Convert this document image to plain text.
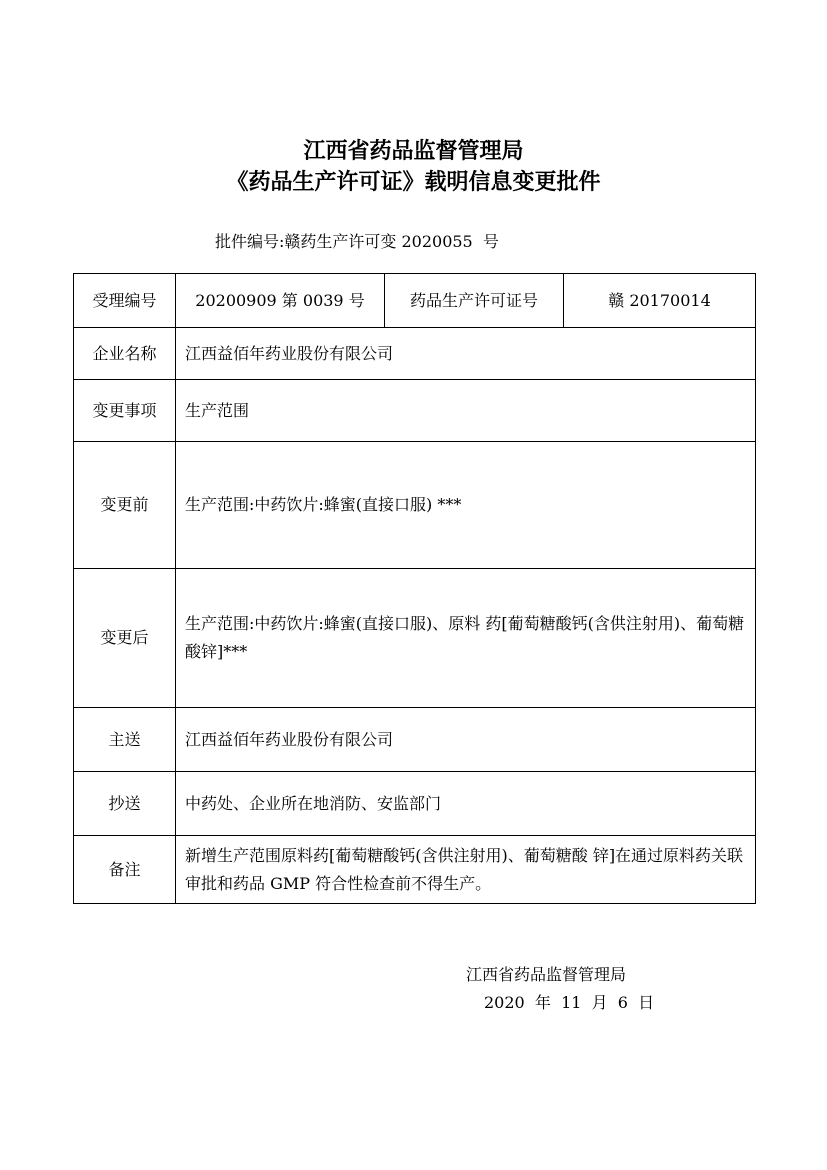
江西省药品监督管理局
《药品生产许可证》载明信息变更批件
批件编号:赣药生产许可变 2020055  号
受理编号	20200909 第 0039 号	药品生产许可证号	赣 20170014
企业名称	江西益佰年药业股份有限公司		
变更事项	生产范围		
变更前	生产范围:中药饮片:蜂蜜(直接口服) ***		
变更后	生产范围:中药饮片:蜂蜜(直接口服)、原料 药[葡萄糖酸钙(含供注射用)、葡萄糖酸锌]***		
主送	江西益佰年药业股份有限公司		
抄送	中药处、企业所在地消防、安监部门		
备注	新增生产范围原料药[葡萄糖酸钙(含供注射用)、葡萄糖酸 锌]在通过原料药关联审批和药品 GMP 符合性检查前不得生产。		
江西省药品监督管理局
2020  年  11  月  6  日
